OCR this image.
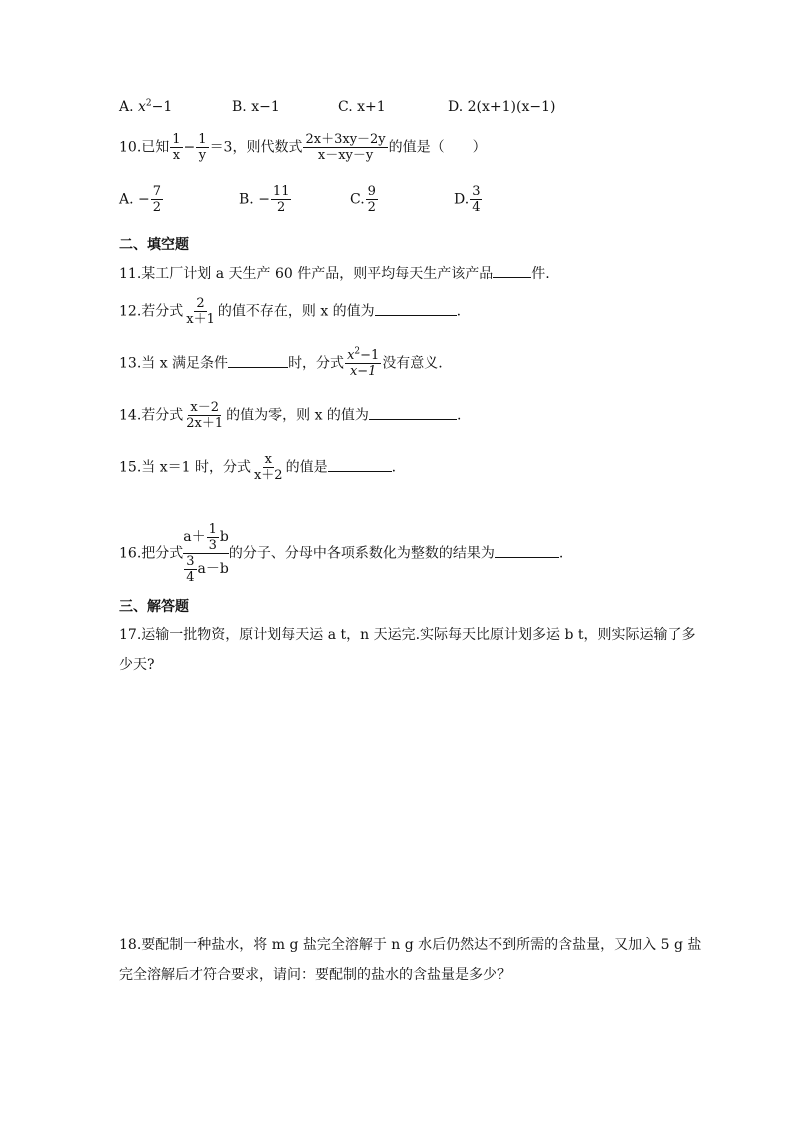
A. $x^2-1$	B. x−1	C. x+1	D. 2(x+1)(x−1)
10.已知 $\frac{1}{x} - \frac{1}{y} =3$，则代数式 $\frac{2x+3xy-2y}{x-xy-y}$ 的值是（　　）
A. − $\frac{7}{2}$	B. − $\frac{11}{2}$	C. $\frac{9}{2}$	D. $\frac{3}{4}$
二、填空题
11.某工厂计划 a 天生产 60 件产品，则平均每天生产该产品	件.
12.若分式 $\frac{2}{x+1}$ 的值不存在，则 x 的值为	.
13.当 x 满足条件	时，分式 $\frac{x^2-1}{x-1}$ 没有意义.
14.若分式 $\frac{x-2}{2x+1}$ 的值为零，则 x 的值为	.
15.当 x＝1 时，分式 $\frac{x}{x+2}$ 的值是	.
16.把分式 $\frac{a+ \frac{1}{3} b}{\frac{3}{4} a-b}$ 的分子、分母中各项系数化为整数的结果为	.
三、解答题
17.运输一批物资，原计划每天运 a t，n 天运完.实际每天比原计划多运 b t，则实际运输了多少天?
18.要配制一种盐水，将 m g 盐完全溶解于 n g 水后仍然达不到所需的含盐量，又加入 5 g 盐完全溶解后才符合要求，请问：要配制的盐水的含盐量是多少？
